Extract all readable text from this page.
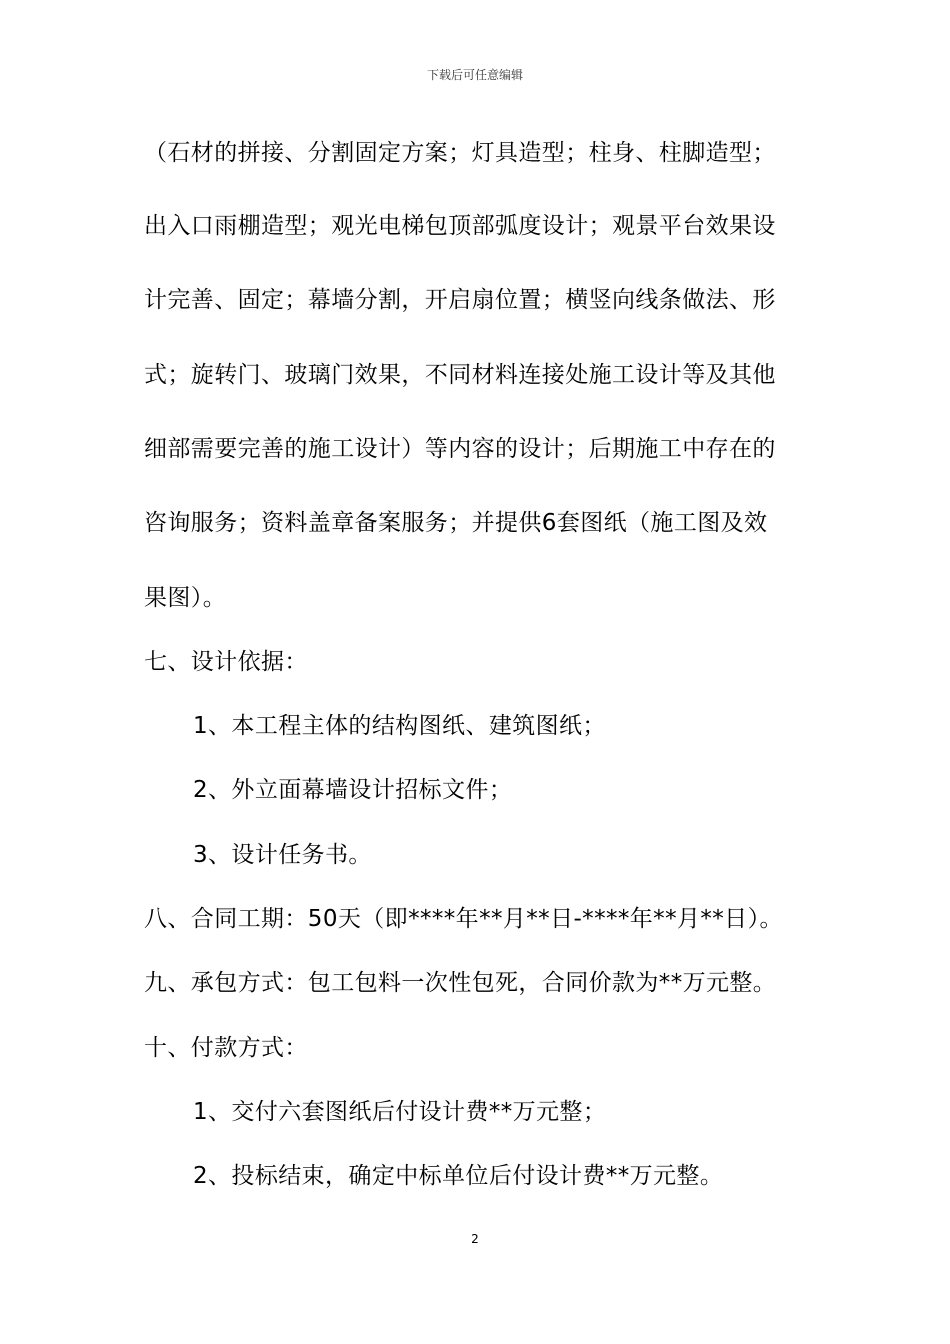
下载后可任意编辑
（石材的拼接、分割固定方案；灯具造型；柱身、柱脚造型；
出入口雨棚造型；观光电梯包顶部弧度设计；观景平台效果设
计完善、固定；幕墙分割，开启扇位置；横竖向线条做法、形
式；旋转门、玻璃门效果，不同材料连接处施工设计等及其他
细部需要完善的施工设计）等内容的设计；后期施工中存在的
咨询服务；资料盖章备案服务；并提供6套图纸（施工图及效
果图）。
七、设计依据：
1、本工程主体的结构图纸、建筑图纸；
2、外立面幕墙设计招标文件；
3、设计任务书。
八、合同工期：50天（即****年**月**日-****年**月**日）。
九、承包方式：包工包料一次性包死，合同价款为**万元整。
十、付款方式：
1、交付六套图纸后付设计费**万元整；
2、投标结束，确定中标单位后付设计费**万元整。
2
